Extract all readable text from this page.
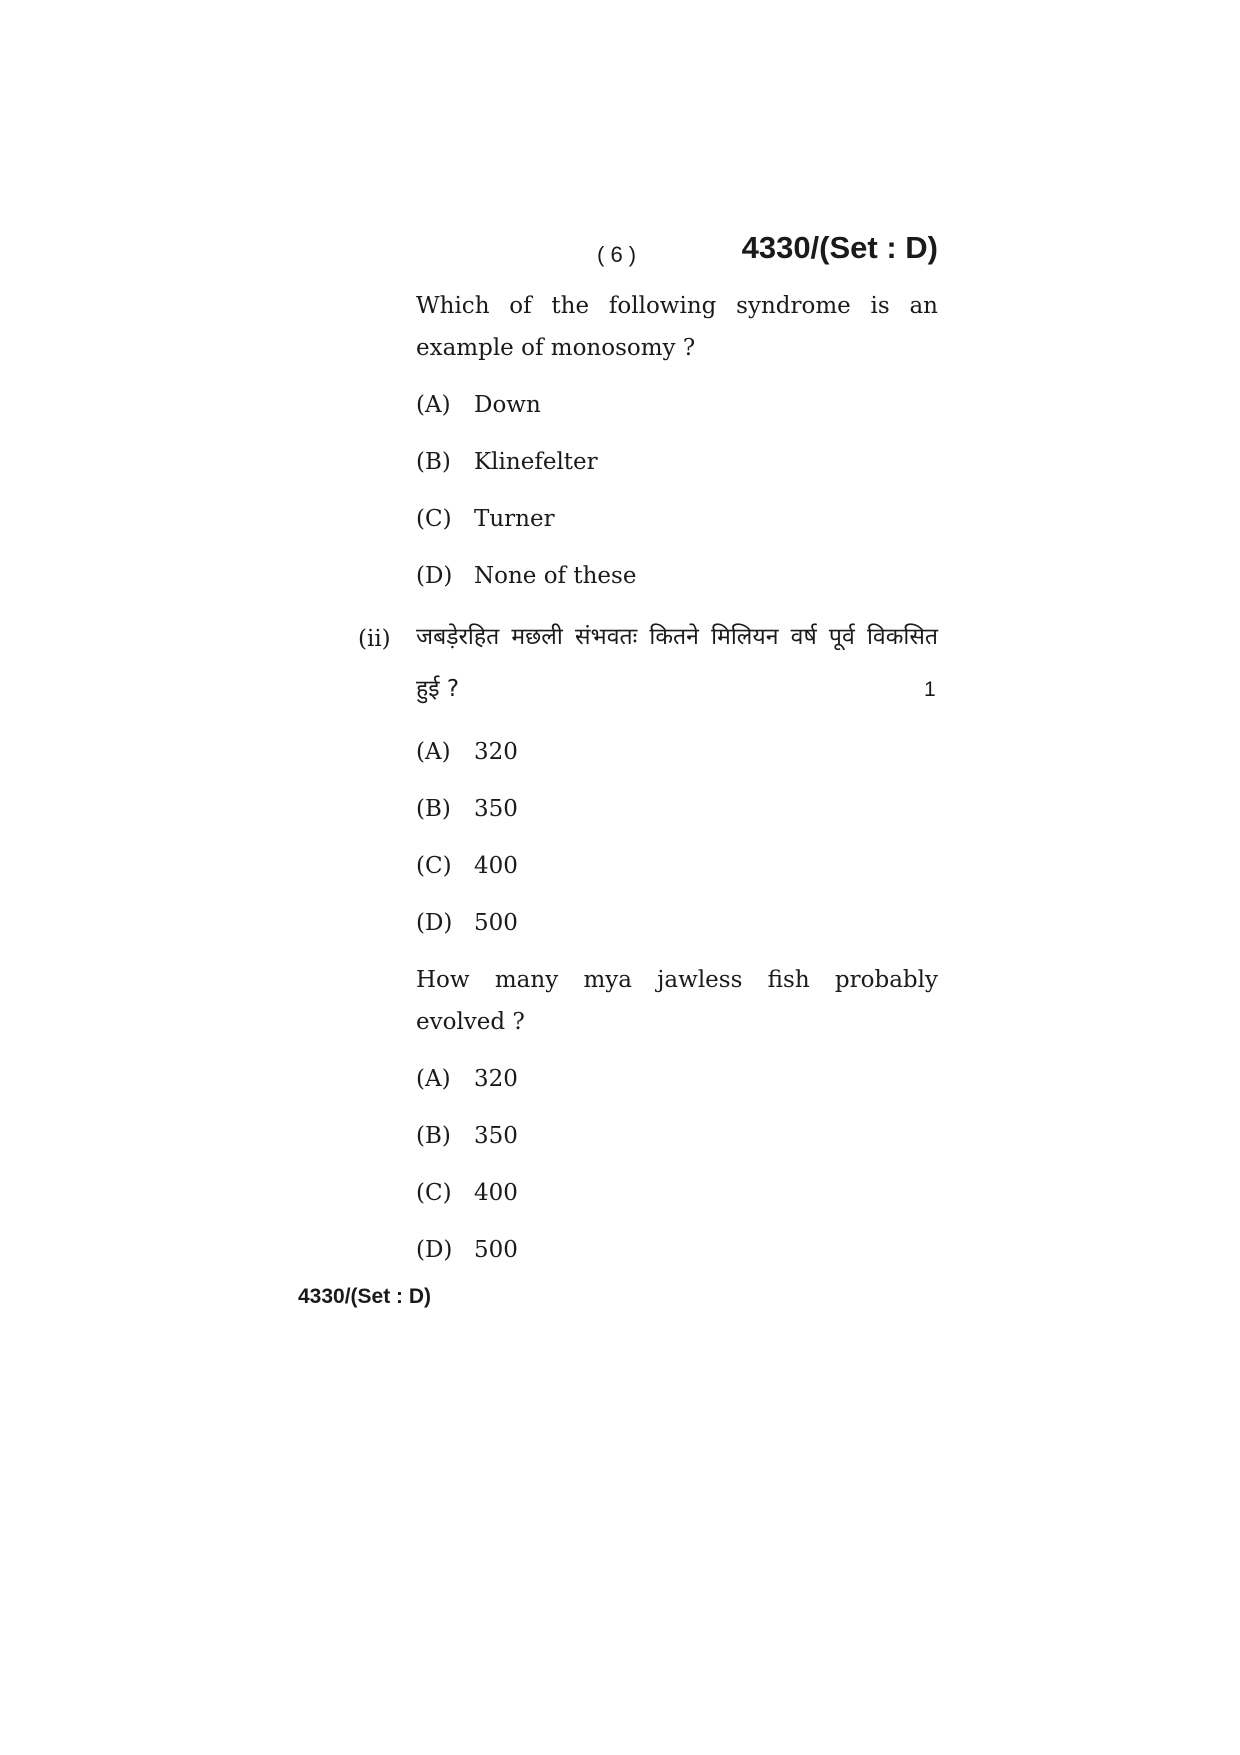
( 6 )	4330/(Set : D)
Which of the following syndrome is an
example of monosomy ?
(A) Down
(B) Klinefelter
(C) Turner
(D) None of these
(ii) जबड़ेरहित मछली संभवतः कितने मिलियन वर्ष पूर्व विकसित
हुई ?	1
(A) 320
(B) 350
(C) 400
(D) 500
How many mya jawless fish probably
evolved ?
(A) 320
(B) 350
(C) 400
(D) 500
4330/(Set : D)
